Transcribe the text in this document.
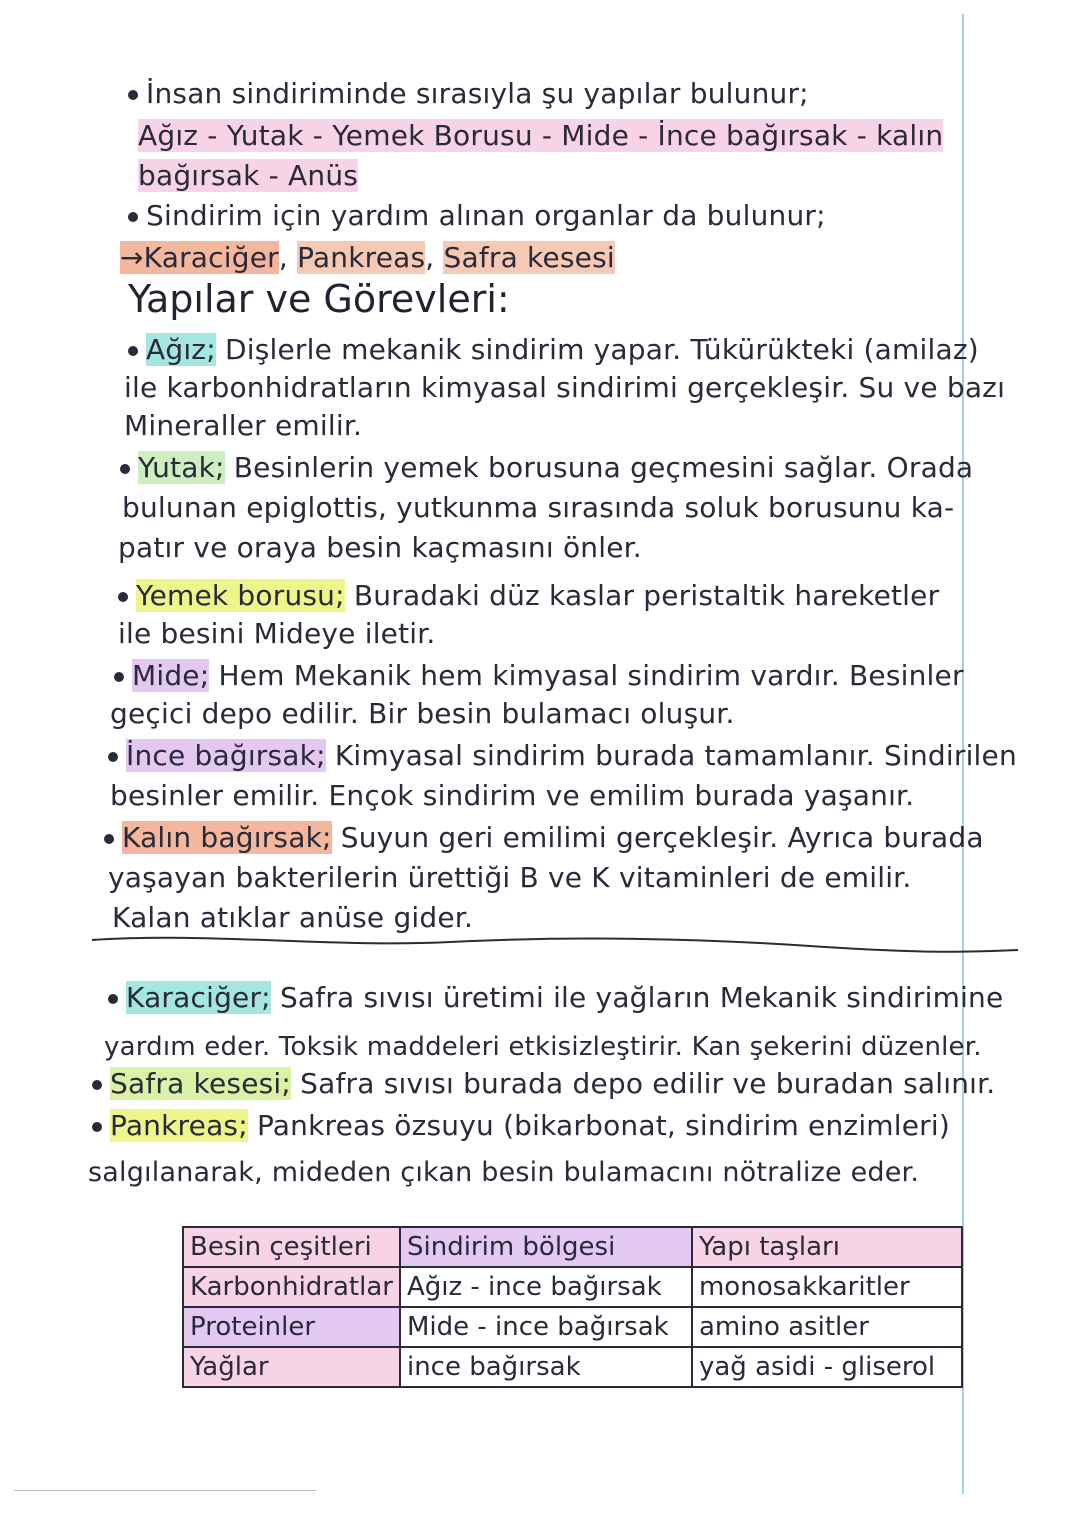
İnsan sindiriminde sırasıyla şu yapılar bulunur;
Ağız - Yutak - Yemek Borusu - Mide - İnce bağırsak - kalın
bağırsak - Anüs
Sindirim için yardım alınan organlar da bulunur;
→Karaciğer, Pankreas, Safra kesesi
Yapılar ve Görevleri:
Ağız; Dişlerle mekanik sindirim yapar. Tükürükteki (amilaz)
ile karbonhidratların kimyasal sindirimi gerçekleşir. Su ve bazı
Mineraller emilir.
Yutak; Besinlerin yemek borusuna geçmesini sağlar. Orada
bulunan epiglottis, yutkunma sırasında soluk borusunu ka-
patır ve oraya besin kaçmasını önler.
Yemek borusu; Buradaki düz kaslar peristaltik hareketler
ile besini Mideye iletir.
Mide; Hem Mekanik hem kimyasal sindirim vardır. Besinler
geçici depo edilir. Bir besin bulamacı oluşur.
İnce bağırsak; Kimyasal sindirim burada tamamlanır. Sindirilen
besinler emilir. Ençok sindirim ve emilim burada yaşanır.
Kalın bağırsak; Suyun geri emilimi gerçekleşir. Ayrıca burada
yaşayan bakterilerin ürettiği B ve K vitaminleri de emilir.
Kalan atıklar anüse gider.
Karaciğer; Safra sıvısı üretimi ile yağların Mekanik sindirimine
yardım eder. Toksik maddeleri etkisizleştirir. Kan şekerini düzenler.
Safra kesesi; Safra sıvısı burada depo edilir ve buradan salınır.
Pankreas; Pankreas özsuyu (bikarbonat, sindirim enzimleri)
salgılanarak, mideden çıkan besin bulamacını nötralize eder.
Besin çeşitleri	Sindirim bölgesi	Yapı taşları
Karbonhidratlar	Ağız - ince bağırsak	monosakkaritler
Proteinler	Mide - ince bağırsak	amino asitler
Yağlar	ince bağırsak	yağ asidi - gliserol
